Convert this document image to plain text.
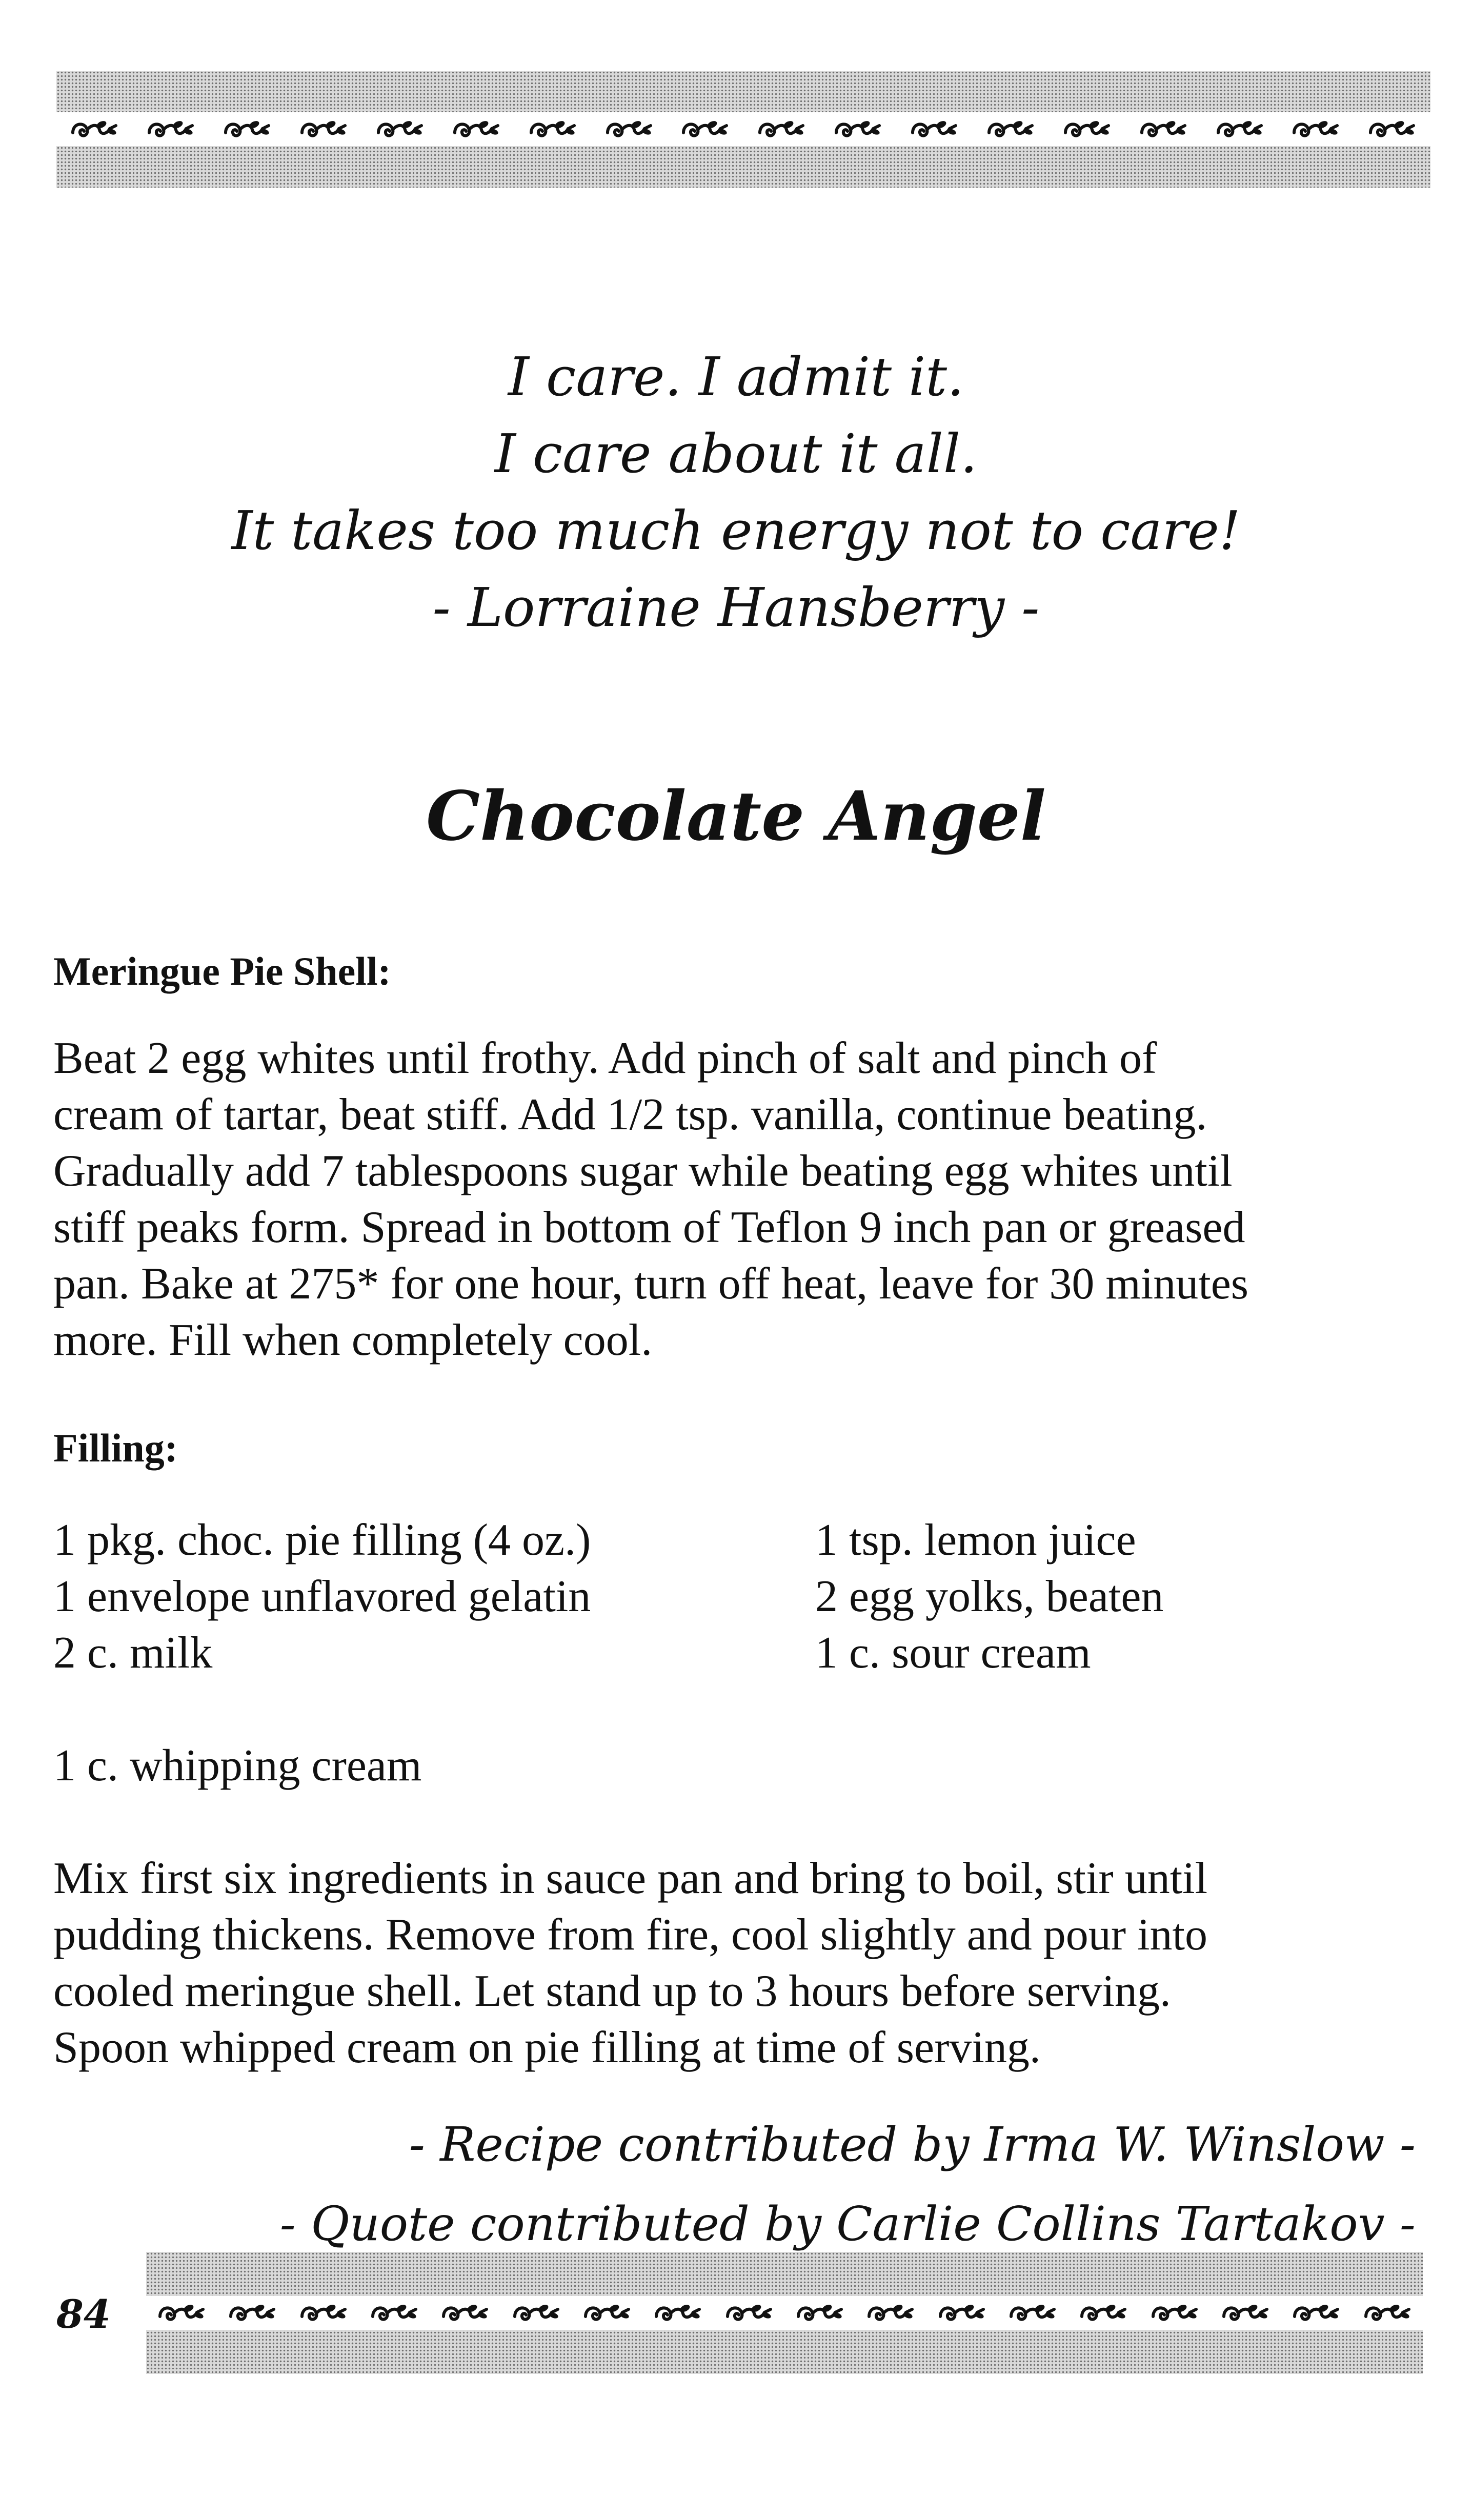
I care. I admit it.
I care about it all.
It takes too much energy not to care!
- Lorraine Hansberry -
Chocolate Angel
Meringue Pie Shell:

Beat 2 egg whites until frothy. Add pinch of salt and pinch of
cream of tartar, beat stiff. Add 1/2 tsp. vanilla, continue beating.
Gradually add 7 tablespoons sugar while beating egg whites until
stiff peaks form. Spread in bottom of Teflon 9 inch pan or greased
pan. Bake at 275* for one hour, turn off heat, leave for 30 minutes
more. Fill when completely cool.

Filling:
1 pkg. choc. pie filling (4 oz.)
1 envelope unflavored gelatin
2 c. milk
1 tsp. lemon juice
2 egg yolks, beaten
1 c. sour cream

1 c. whipping cream

Mix first six ingredients in sauce pan and bring to boil, stir until
pudding thickens. Remove from fire, cool slightly and pour into
cooled meringue shell. Let stand up to 3 hours before serving.
Spoon whipped cream on pie filling at time of serving.

- Recipe contributed by Irma W. Winslow -
- Quote contributed by Carlie Collins Tartakov -
84
